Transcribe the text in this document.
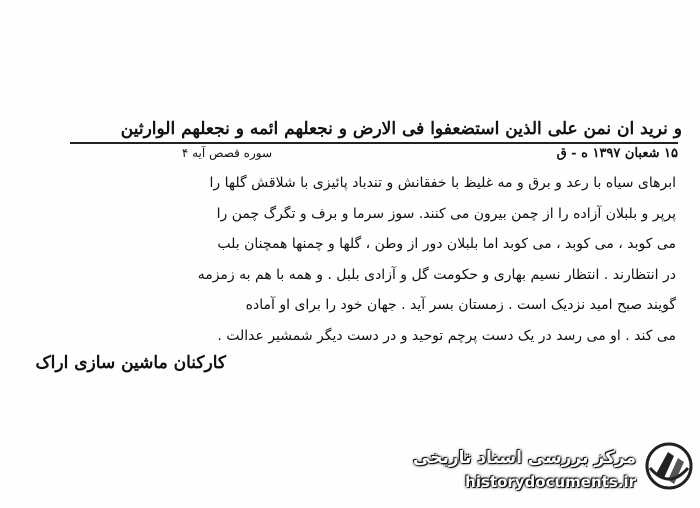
و نرید ان نمن علی الذین استضعفوا فی الارض و نجعلهم ائمه و نجعلهم الوارثین
۱۵ شعبان ۱۳۹۷ ه - ق
سوره قصص آیه ۴
ابرهای سیاه با رعد و برق و مه غلیظ با خفقانش و تندباد پائیزی با شلاقش گلها را
پرپر و بلبلان آزاده را از چمن بیرون می کنند. سوز سرما و برف و تگرگ چمن را
می کوبد ، می کوبد ، می کوبد اما بلبلان دور از وطن ، گلها و چمنها همچنان بلب
در انتظارند . انتظار نسیم بهاری و حکومت گل و آزادی بلبل . و همه با هم به زمزمه
گویند صبح امید نزدیک است . زمستان بسر آید . جهان خود را برای او آماده
می کند . او می رسد در یک دست پرچم توحید و در دست دیگر شمشیر عدالت .
کارکنان ماشین سازی اراک
مرکز بررسی اسناد تاریخی
historydocuments.ir
